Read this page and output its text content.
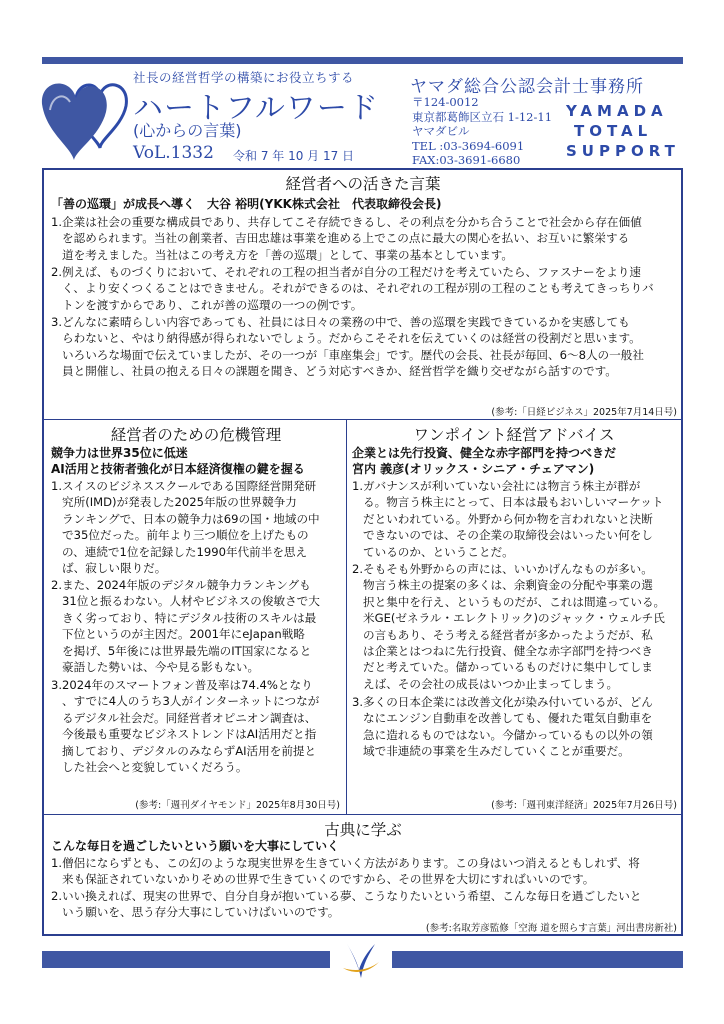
社長の経営哲学の構築にお役立ちする
ハートフルワード
(心からの言葉)
VoL.1332 令和 7 年 10 月 17 日
ヤマダ総合公認会計士事務所
〒124-0012
東京都葛飾区立石 1-12-11
ヤマダビル
TEL :03-3694-6091
FAX:03-3691-6680
YAMADA
TOTAL
SUPPORT
経営者への活きた言葉
「善の巡環」が成長へ導く　大谷 裕明(YKK株式会社　代表取締役会長)
1. 企業は社会の重要な構成員であり、共存してこそ存続できるし、その利点を分かち合うことで社会から存在価値
を認められます。当社の創業者、吉田忠雄は事業を進める上でこの点に最大の関心を払い、お互いに繁栄する
道を考えました。当社はこの考え方を「善の巡環」として、事業の基本としています。
2. 例えば、ものづくりにおいて、それぞれの工程の担当者が自分の工程だけを考えていたら、ファスナーをより速
く、より安くつくることはできません。それができるのは、それぞれの工程が別の工程のことも考えてきっちりバ
トンを渡すからであり、これが善の巡環の一つの例です。
3. どんなに素晴らしい内容であっても、社員には日々の業務の中で、善の巡環を実践できているかを実感しても
らわないと、やはり納得感が得られないでしょう。だからこそそれを伝えていくのは経営の役割だと思います。
いろいろな場面で伝えていましたが、その一つが「車座集会」です。歴代の会長、社長が毎回、6～8人の一般社
員と開催し、社員の抱える日々の課題を聞き、どう対応すべきか、経営哲学を織り交ぜながら話すのです。
(参考:「日経ビジネス」2025年7月14日号)
経営者のための危機管理
競争力は世界35位に低迷
AI活用と技術者強化が日本経済復権の鍵を握る
1. スイスのビジネススクールである国際経営開発研
究所(IMD)が発表した2025年版の世界競争力
ランキングで、日本の競争力は69の国・地域の中
で35位だった。前年より三つ順位を上げたもの
の、連続で1位を記録した1990年代前半を思え
ば、寂しい限りだ。
2. また、2024年版のデジタル競争力ランキングも
31位と振るわない。人材やビジネスの俊敏さで大
きく劣っており、特にデジタル技術のスキルは最
下位というのが主因だ。2001年にeJapan戦略
を掲げ、5年後には世界最先端のIT国家になると
豪語した勢いは、今や見る影もない。
3. 2024年のスマートフォン普及率は74.4%となり
、すでに4人のうち3人がインターネットにつなが
るデジタル社会だ。同経営者オピニオン調査は、
今後最も重要なビジネストレンドはAI活用だと指
摘しており、デジタルのみならずAI活用を前提と
した社会へと変貌していくだろう。
(参考:「週刊ダイヤモンド」2025年8月30日号)
ワンポイント経営アドバイス
企業とは先行投資、健全な赤字部門を持つべきだ
宮内 義彦(オリックス・シニア・チェアマン)
1. ガバナンスが利いていない会社には物言う株主が群が
る。物言う株主にとって、日本は最もおいしいマーケット
だといわれている。外野から何か物を言われないと決断
できないのでは、その企業の取締役会はいったい何をし
ているのか、ということだ。
2. そもそも外野からの声には、いいかげんなものが多い。
物言う株主の提案の多くは、余剰資金の分配や事業の選
択と集中を行え、というものだが、これは間違っている。
米GE(ゼネラル・エレクトリック)のジャック・ウェルチ氏
の言もあり、そう考える経営者が多かったようだが、私
は企業とはつねに先行投資、健全な赤字部門を持つべき
だと考えていた。儲かっているものだけに集中してしま
えば、その会社の成長はいつか止まってしまう。
3. 多くの日本企業には改善文化が染み付いているが、どん
なにエンジン自動車を改善しても、優れた電気自動車を
急に造れるものではない。今儲かっているもの以外の領
域で非連続の事業を生みだしていくことが重要だ。
(参考:「週刊東洋経済」2025年7月26日号)
古典に学ぶ
こんな毎日を過ごしたいという願いを大事にしていく
1. 僧侶にならずとも、この幻のような現実世界を生きていく方法があります。この身はいつ消えるともしれず、将
来も保証されていないかりそめの世界で生きていくのですから、その世界を大切にすればいいのです。
2. いい換えれば、現実の世界で、自分自身が抱いている夢、こうなりたいという希望、こんな毎日を過ごしたいと
いう願いを、思う存分大事にしていけばいいのです。
(参考:名取芳彦監修「空海 道を照らす言葉」河出書房新社)
